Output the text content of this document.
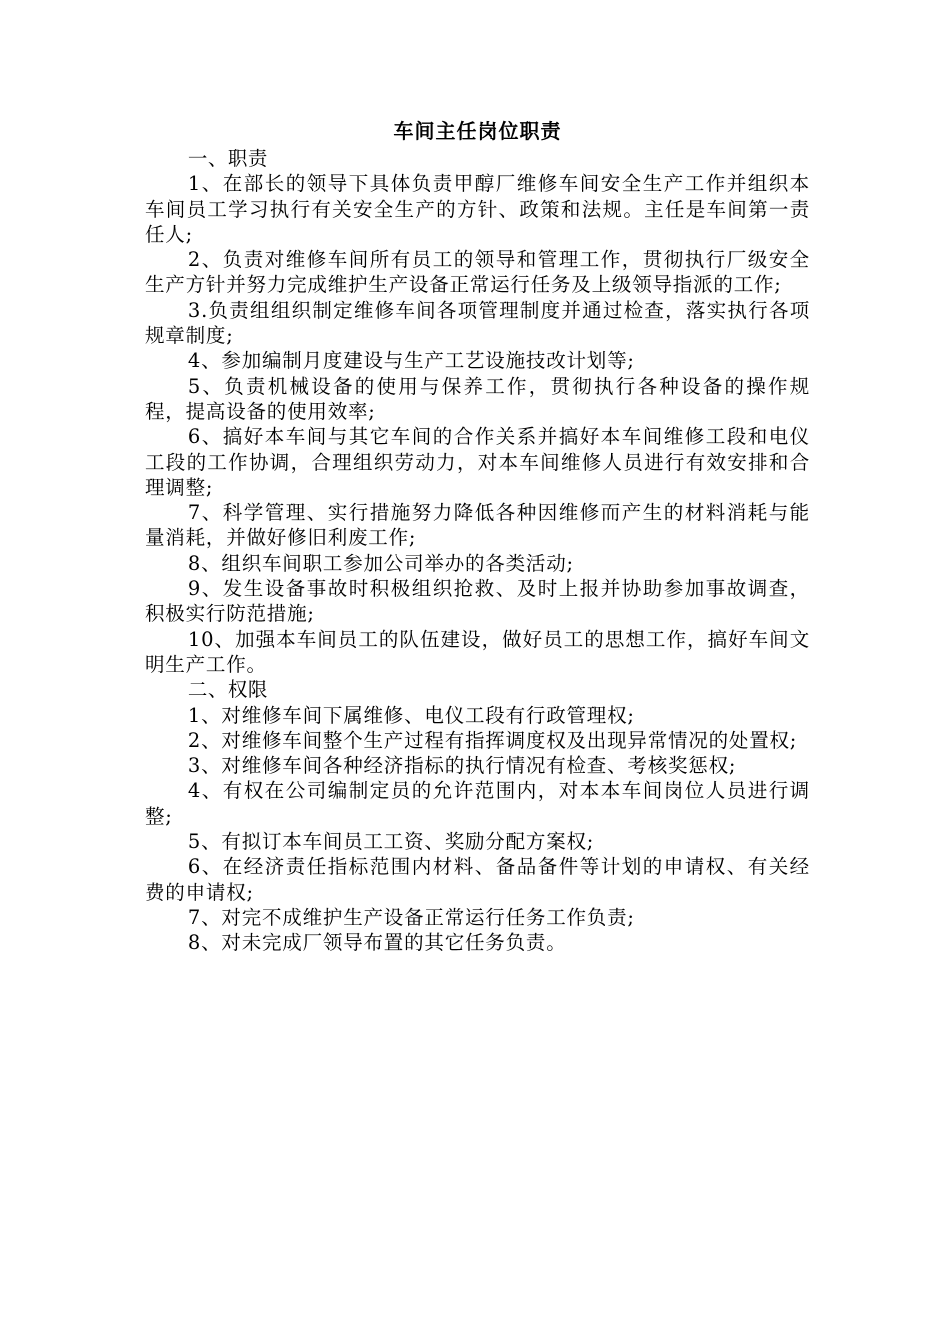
车间主任岗位职责
一、职责

1、在部长的领导下具体负责甲醇厂维修车间安全生产工作并组织本车间员工学习执行有关安全生产的方针、政策和法规。主任是车间第一责任人;

2、负责对维修车间所有员工的领导和管理工作，贯彻执行厂级安全生产方针并努力完成维护生产设备正常运行任务及上级领导指派的工作;

3.负责组组织制定维修车间各项管理制度并通过检查，落实执行各项规章制度;

4、参加编制月度建设与生产工艺设施技改计划等;

5、负责机械设备的使用与保养工作，贯彻执行各种设备的操作规程，提高设备的使用效率;

6、搞好本车间与其它车间的合作关系并搞好本车间维修工段和电仪工段的工作协调，合理组织劳动力，对本车间维修人员进行有效安排和合理调整;

7、科学管理、实行措施努力降低各种因维修而产生的材料消耗与能量消耗，并做好修旧利废工作;

8、组织车间职工参加公司举办的各类活动;

9、发生设备事故时积极组织抢救、及时上报并协助参加事故调查，积极实行防范措施;

10、加强本车间员工的队伍建设，做好员工的思想工作，搞好车间文明生产工作。

二、权限

1、对维修车间下属维修、电仪工段有行政管理权;

2、对维修车间整个生产过程有指挥调度权及出现异常情况的处置权;

3、对维修车间各种经济指标的执行情况有检查、考核奖惩权;

4、有权在公司编制定员的允许范围内，对本本车间岗位人员进行调整;

5、有拟订本车间员工工资、奖励分配方案权;

6、在经济责任指标范围内材料、备品备件等计划的申请权、有关经费的申请权;

7、对完不成维护生产设备正常运行任务工作负责;

8、对未完成厂领导布置的其它任务负责。
